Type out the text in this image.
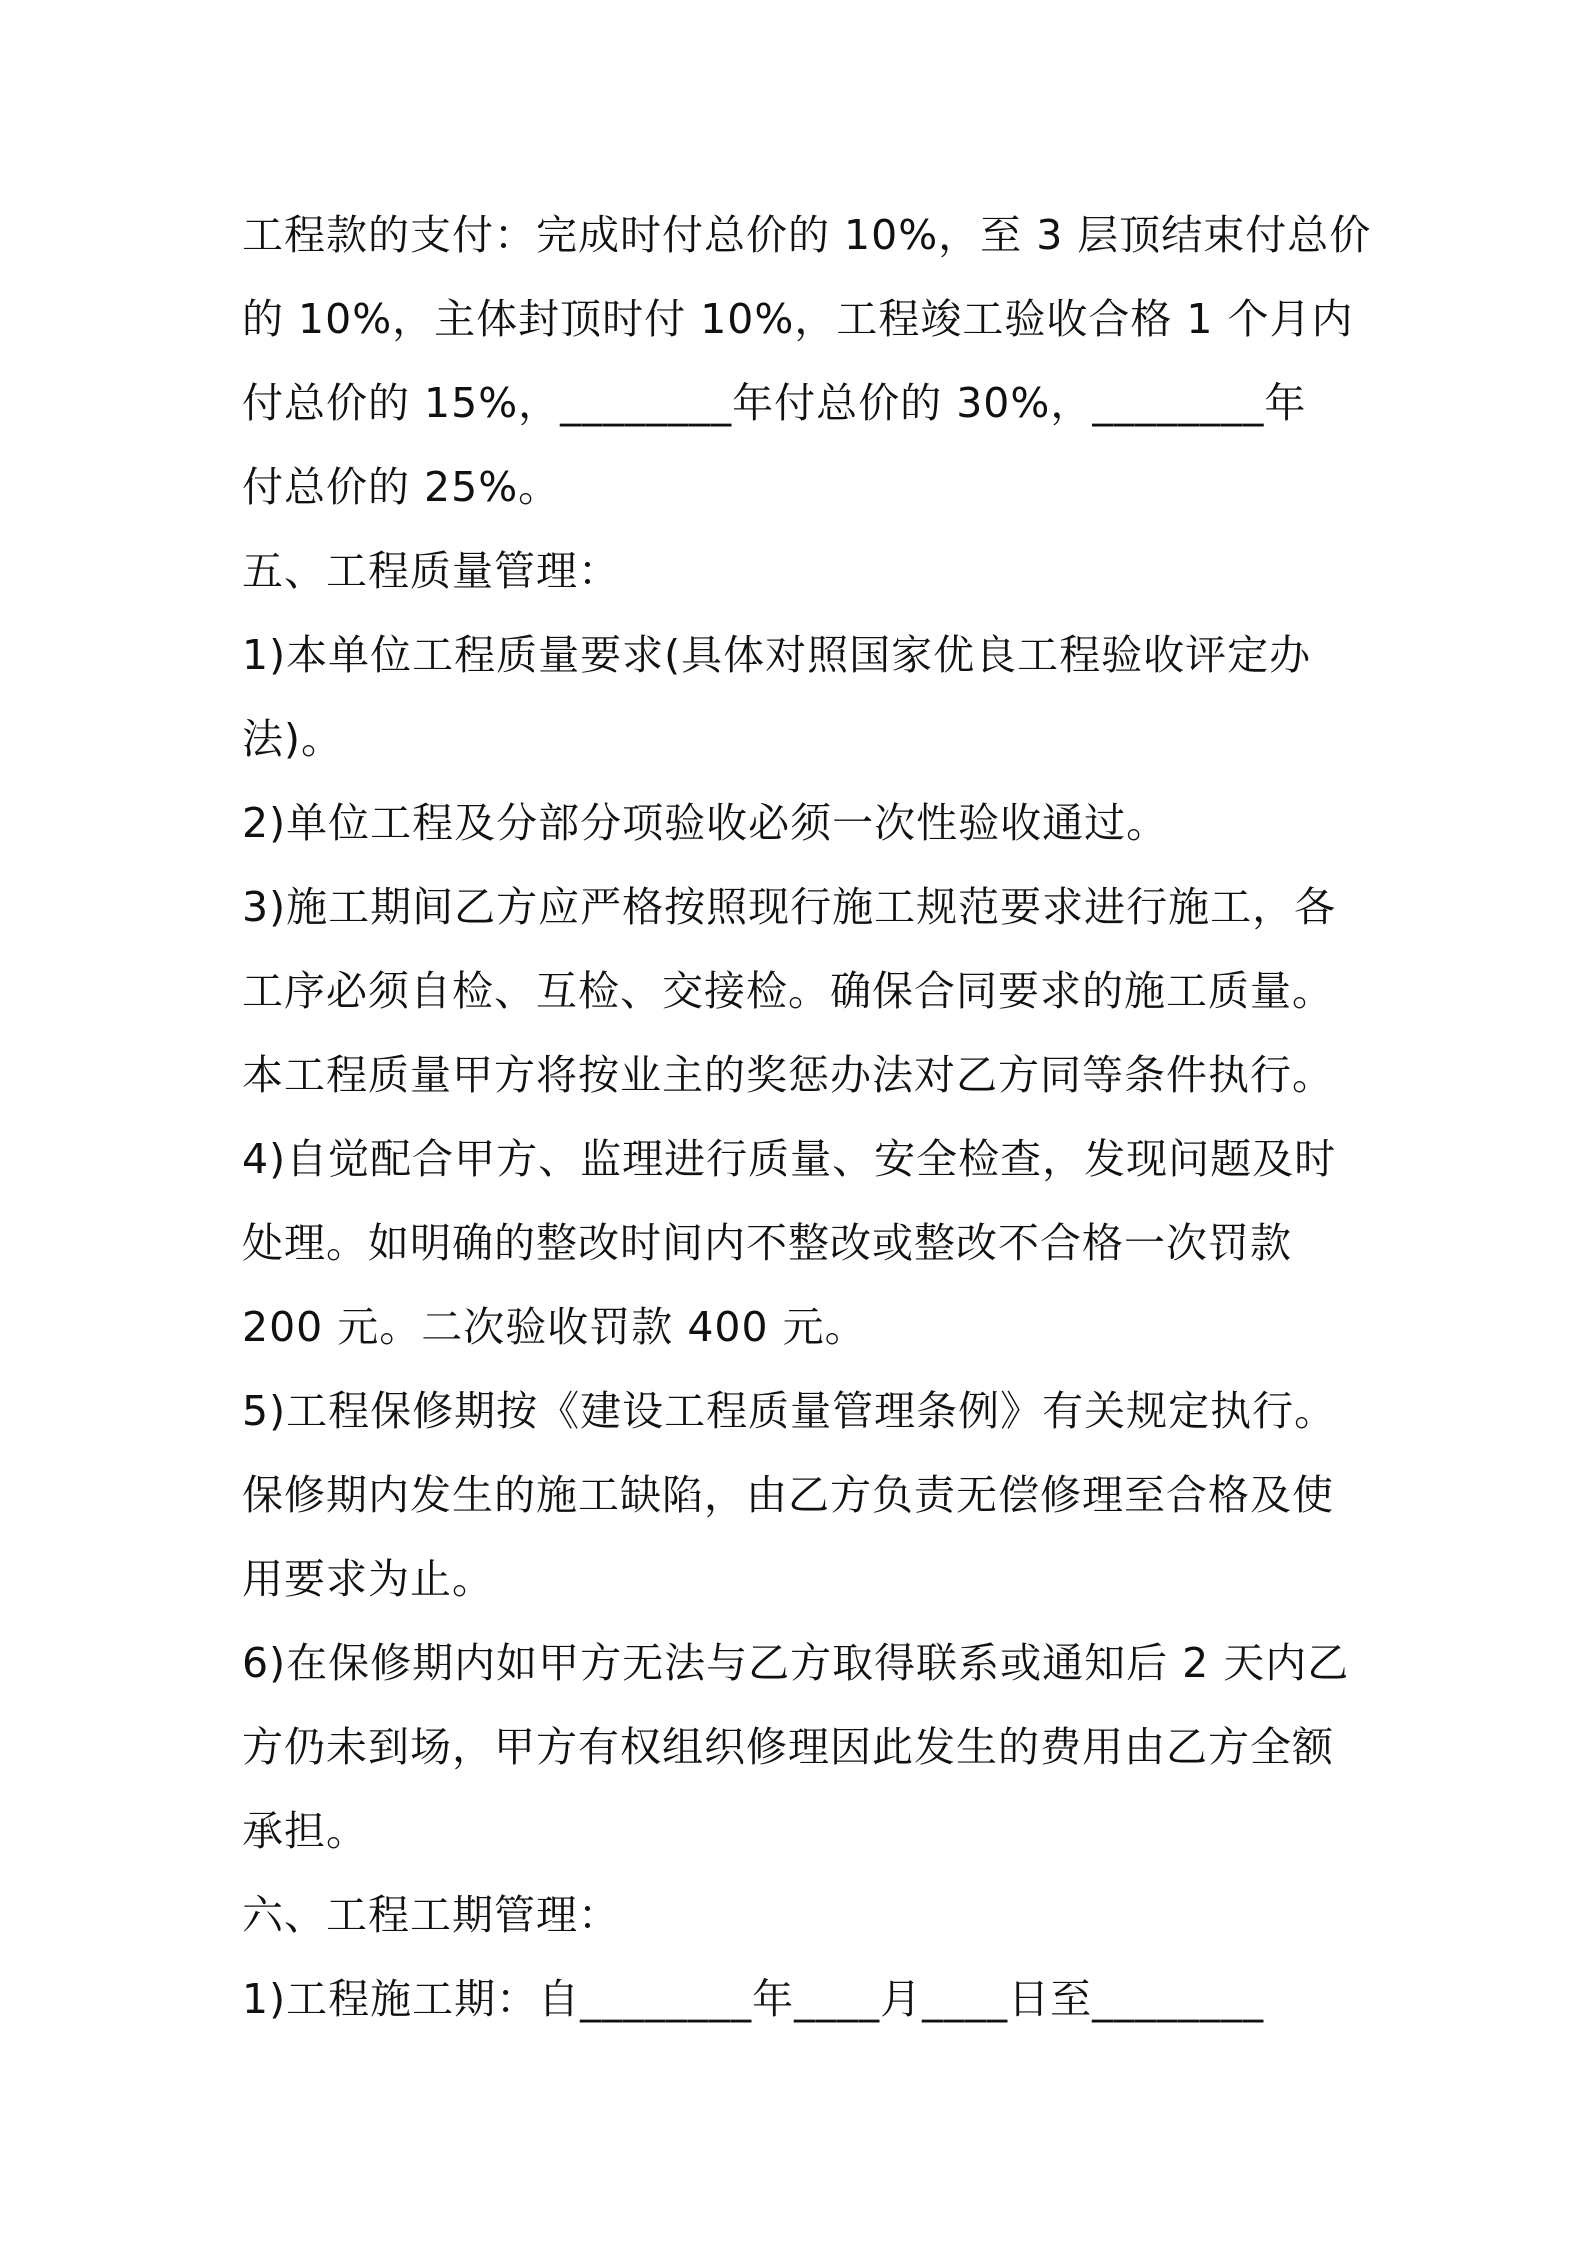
工程款的支付：完成时付总价的 10%，至 3 层顶结束付总价
的 10%，主体封顶时付 10%，工程竣工验收合格 1 个月内
付总价的 15%，________年付总价的 30%，________年
付总价的 25%。
五、工程质量管理：
1)本单位工程质量要求(具体对照国家优良工程验收评定办
法)。
2)单位工程及分部分项验收必须一次性验收通过。
3)施工期间乙方应严格按照现行施工规范要求进行施工，各
工序必须自检、互检、交接检。确保合同要求的施工质量。
本工程质量甲方将按业主的奖惩办法对乙方同等条件执行。
4)自觉配合甲方、监理进行质量、安全检查，发现问题及时
处理。如明确的整改时间内不整改或整改不合格一次罚款
200 元。二次验收罚款 400 元。
5)工程保修期按《建设工程质量管理条例》有关规定执行。
保修期内发生的施工缺陷，由乙方负责无偿修理至合格及使
用要求为止。
6)在保修期内如甲方无法与乙方取得联系或通知后 2 天内乙
方仍未到场，甲方有权组织修理因此发生的费用由乙方全额
承担。
六、工程工期管理：
1)工程施工期：自________年____月____日至________
